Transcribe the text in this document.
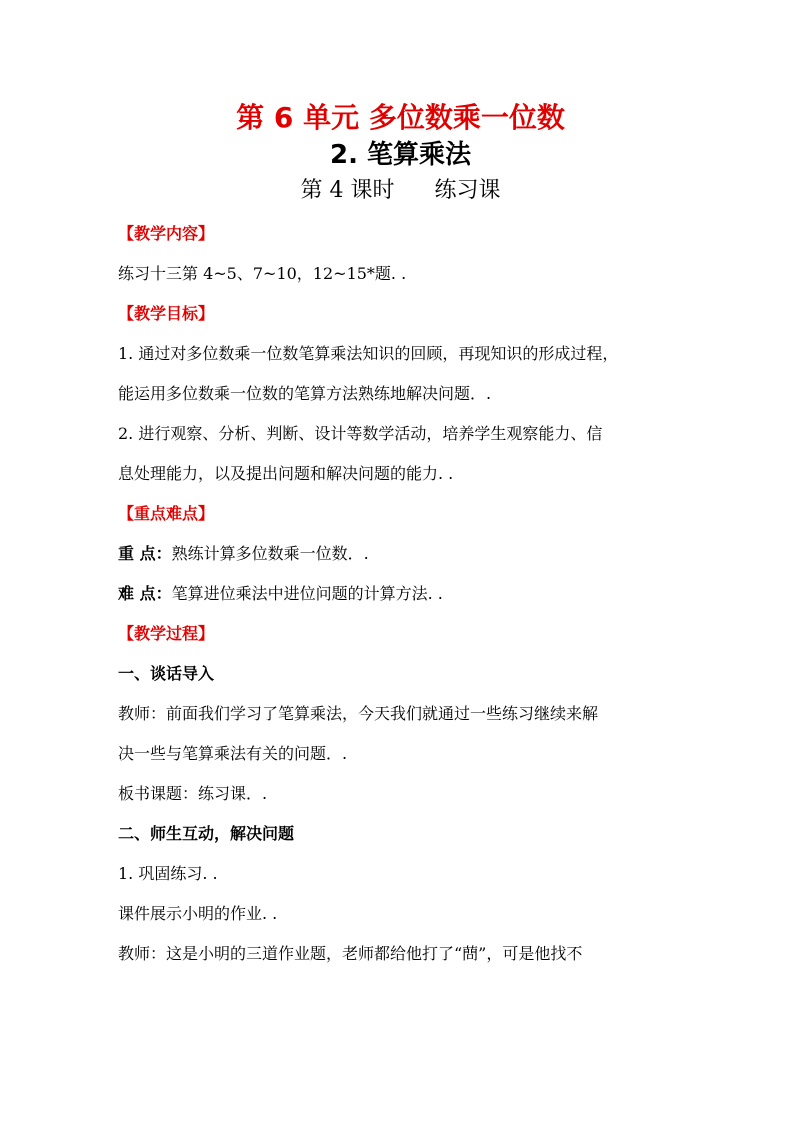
第 6 单元 多位数乘一位数
2. 笔算乘法
第 4 课时 练习课
【教学内容】

练习十三第 4~5、7~10，12~15*题. .

【教学目标】

1. 通过对多位数乘一位数笔算乘法知识的回顾，再现知识的形成过程，

能运用多位数乘一位数的笔算方法熟练地解决问题．.

2. 进行观察、分析、判断、设计等数学活动，培养学生观察能力、信

息处理能力，以及提出问题和解决问题的能力. .

【重点难点】

重 点：熟练计算多位数乘一位数．.

难 点：笔算进位乘法中进位问题的计算方法. .

【教学过程】
一、谈话导入

教师：前面我们学习了笔算乘法，今天我们就通过一些练习继续来解

决一些与笔算乘法有关的问题．.

板书课题：练习课．.

二、师生互动，解决问题

1. 巩固练习. .

课件展示小明的作业. .

教师：这是小明的三道作业题，老师都给他打了“蔄”，可是他找不
